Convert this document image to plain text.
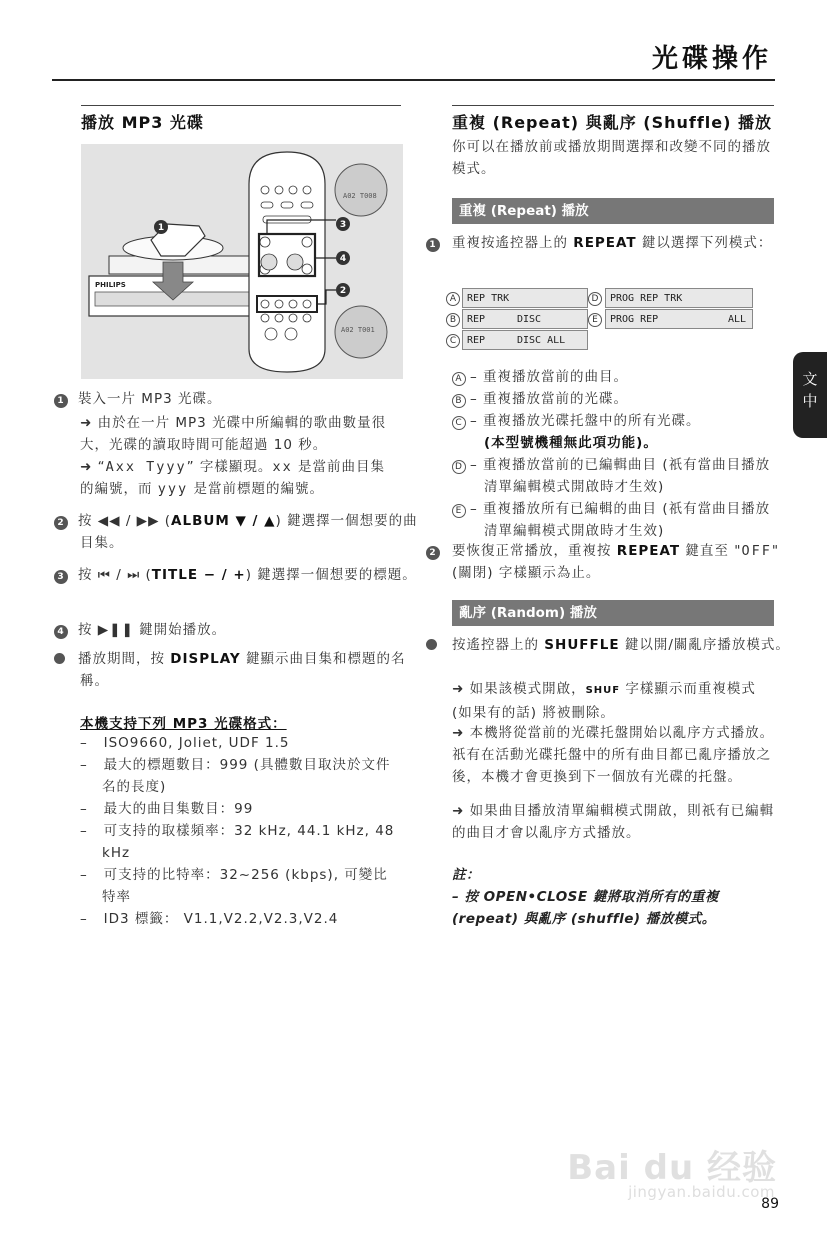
光碟操作
文
中
播放 MP3 光碟
PHILIPS
A02 T008
A02 T001
1	3
4
2
1 裝入一片 MP3 光碟。
➜ 由於在一片 MP3 光碟中所編輯的歌曲數量很大，光碟的讀取時間可能超過 10 秒。
➜ “Axx Tyyy” 字樣顯現。xx 是當前曲目集的編號，而 yyy 是當前標題的編號。
2 按 ◀◀ / ▶▶ (ALBUM ▼ / ▲) 鍵選擇一個想要的曲目集。
3 按 ⏮ / ⏭ (TITLE − / +) 鍵選擇一個想要的標題。
4 按 ▶❚❚ 鍵開始播放。
播放期間，按 DISPLAY 鍵顯示曲目集和標題的名稱。
本機支持下列 MP3 光碟格式：
–   ISO9660, Joliet, UDF 1.5
–   最大的標題數目：999 (具體數目取決於文件名的長度)
–   最大的曲目集數目：99
–   可支持的取樣頻率：32 kHz, 44.1 kHz, 48 kHz
–   可支持的比特率：32~256 (kbps), 可變比特率
–   ID3 標籤： V1.1,V2.2,V2.3,V2.4
重複 (Repeat) 與亂序 (Shuffle) 播放
你可以在播放前或播放期間選擇和改變不同的播放模式。
重複 (Repeat) 播放
1 重複按遙控器上的 REPEAT 鍵以選擇下列模式：
A	REP TRK
B	REP	DISC
C	REP	DISC ALL
D	PROG REP TRK
E	PROG REP	ALL
A – 重複播放當前的曲目。
B – 重複播放當前的光碟。
C – 重複播放光碟托盤中的所有光碟。
(本型號機種無此項功能)。
D – 重複播放當前的已編輯曲目 (祇有當曲目播放清單編輯模式開啟時才生效)
E – 重複播放所有已編輯的曲目 (祇有當曲目播放清單編輯模式開啟時才生效)
2 要恢復正常播放，重複按 REPEAT 鍵直至 "OFF" (關閉) 字樣顯示為止。
亂序 (Random) 播放
按遙控器上的 SHUFFLE 鍵以開/關亂序播放模式。
➜ 如果該模式開啟，SHUF 字樣顯示而重複模式 (如果有的話) 將被刪除。
➜ 本機將從當前的光碟托盤開始以亂序方式播放。祇有在活動光碟托盤中的所有曲目都已亂序播放之後，本機才會更換到下一個放有光碟的托盤。
➜ 如果曲目播放清單編輯模式開啟，則祇有已編輯的曲目才會以亂序方式播放。
註：
– 按 OPEN•CLOSE 鍵將取消所有的重複 (repeat) 與亂序 (shuffle) 播放模式。
Bai du 经验
jingyan.baidu.com
89
